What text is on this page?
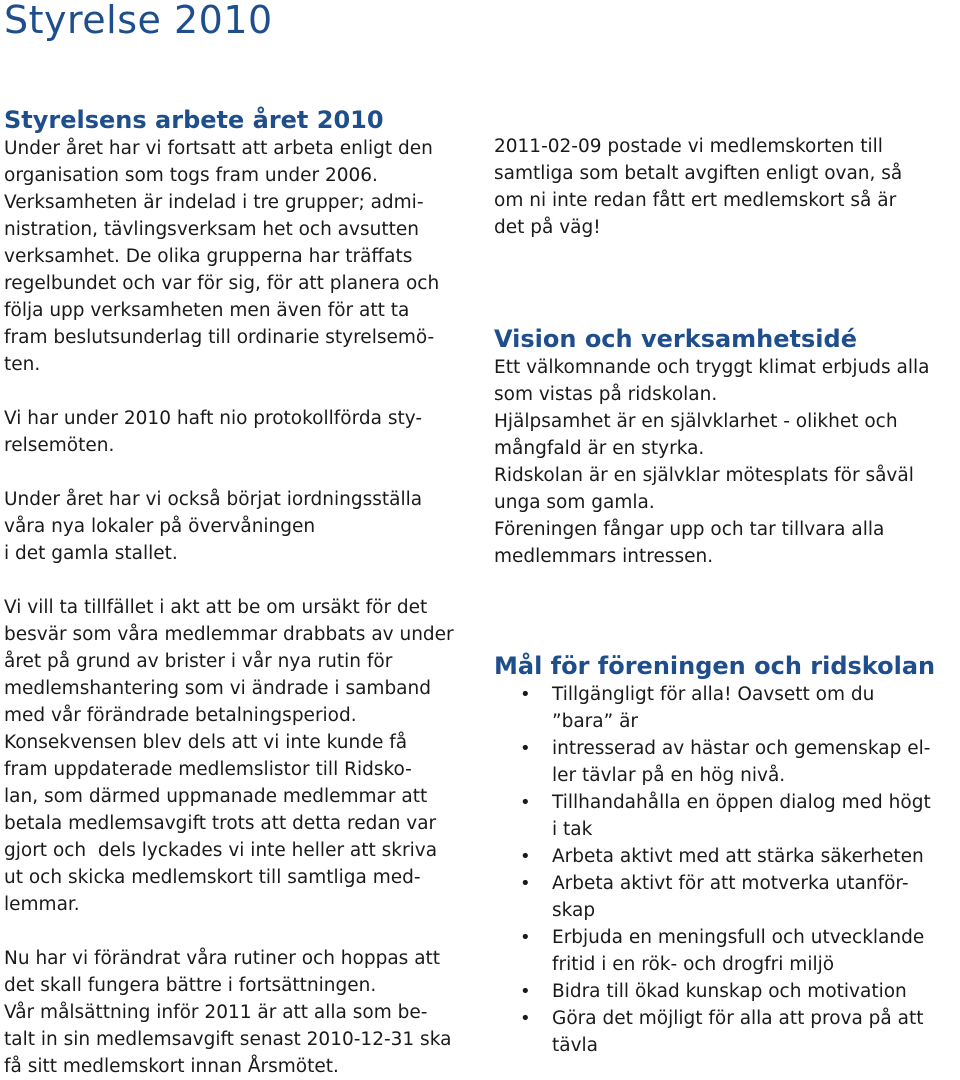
Styrelse 2010
Styrelsens arbete året 2010

Under året har vi fortsatt att arbeta enligt den
organisation som togs fram under 2006.
Verksamheten är indelad i tre grupper; admi-
nistration, tävlingsverksam het och avsutten
verksamhet. De olika grupperna har träffats
regelbundet och var för sig, för att planera och
följa upp verksamheten men även för att ta
fram beslutsunderlag till ordinarie styrelsemö-
ten.

Vi har under 2010 haft nio protokollförda sty-
relsemöten.

Under året har vi också börjat iordningsställa
våra nya lokaler på övervåningen
i det gamla stallet.

Vi vill ta tillfället i akt att be om ursäkt för det
besvär som våra medlemmar drabbats av under
året på grund av brister i vår nya rutin för
medlemshantering som vi ändrade i samband
med vår förändrade betalningsperiod.
Konsekvensen blev dels att vi inte kunde få
fram uppdaterade medlemslistor till Ridsko-
lan, som därmed uppmanade medlemmar att
betala medlemsavgift trots att detta redan var
gjort och  dels lyckades vi inte heller att skriva
ut och skicka medlemskort till samtliga med-
lemmar.

Nu har vi förändrat våra rutiner och hoppas att
det skall fungera bättre i fortsättningen.
Vår målsättning inför 2011 är att alla som be-
talt in sin medlemsavgift senast 2010-12-31 ska
få sitt medlemskort innan Årsmötet.

2011-02-09 postade vi medlemskorten till
samtliga som betalt avgiften enligt ovan, så
om ni inte redan fått ert medlemskort så är
det på väg!

Vision och verksamhetsidé

Ett välkomnande och tryggt klimat erbjuds alla
som vistas på ridskolan.
Hjälpsamhet är en självklarhet - olikhet och
mångfald är en styrka.
Ridskolan är en självklar mötesplats för såväl
unga som gamla.
Föreningen fångar upp och tar tillvara alla
medlemmars intressen.

Mål för föreningen och ridskolan
• Tillgängligt för alla! Oavsett om du
”bara” är
• intresserad av hästar och gemenskap el-
ler tävlar på en hög nivå.
• Tillhandahålla en öppen dialog med högt
i tak
• Arbeta aktivt med att stärka säkerheten
• Arbeta aktivt för att motverka utanför-
skap
• Erbjuda en meningsfull och utvecklande
fritid i en rök- och drogfri miljö
• Bidra till ökad kunskap och motivation
• Göra det möjligt för alla att prova på att
tävla
